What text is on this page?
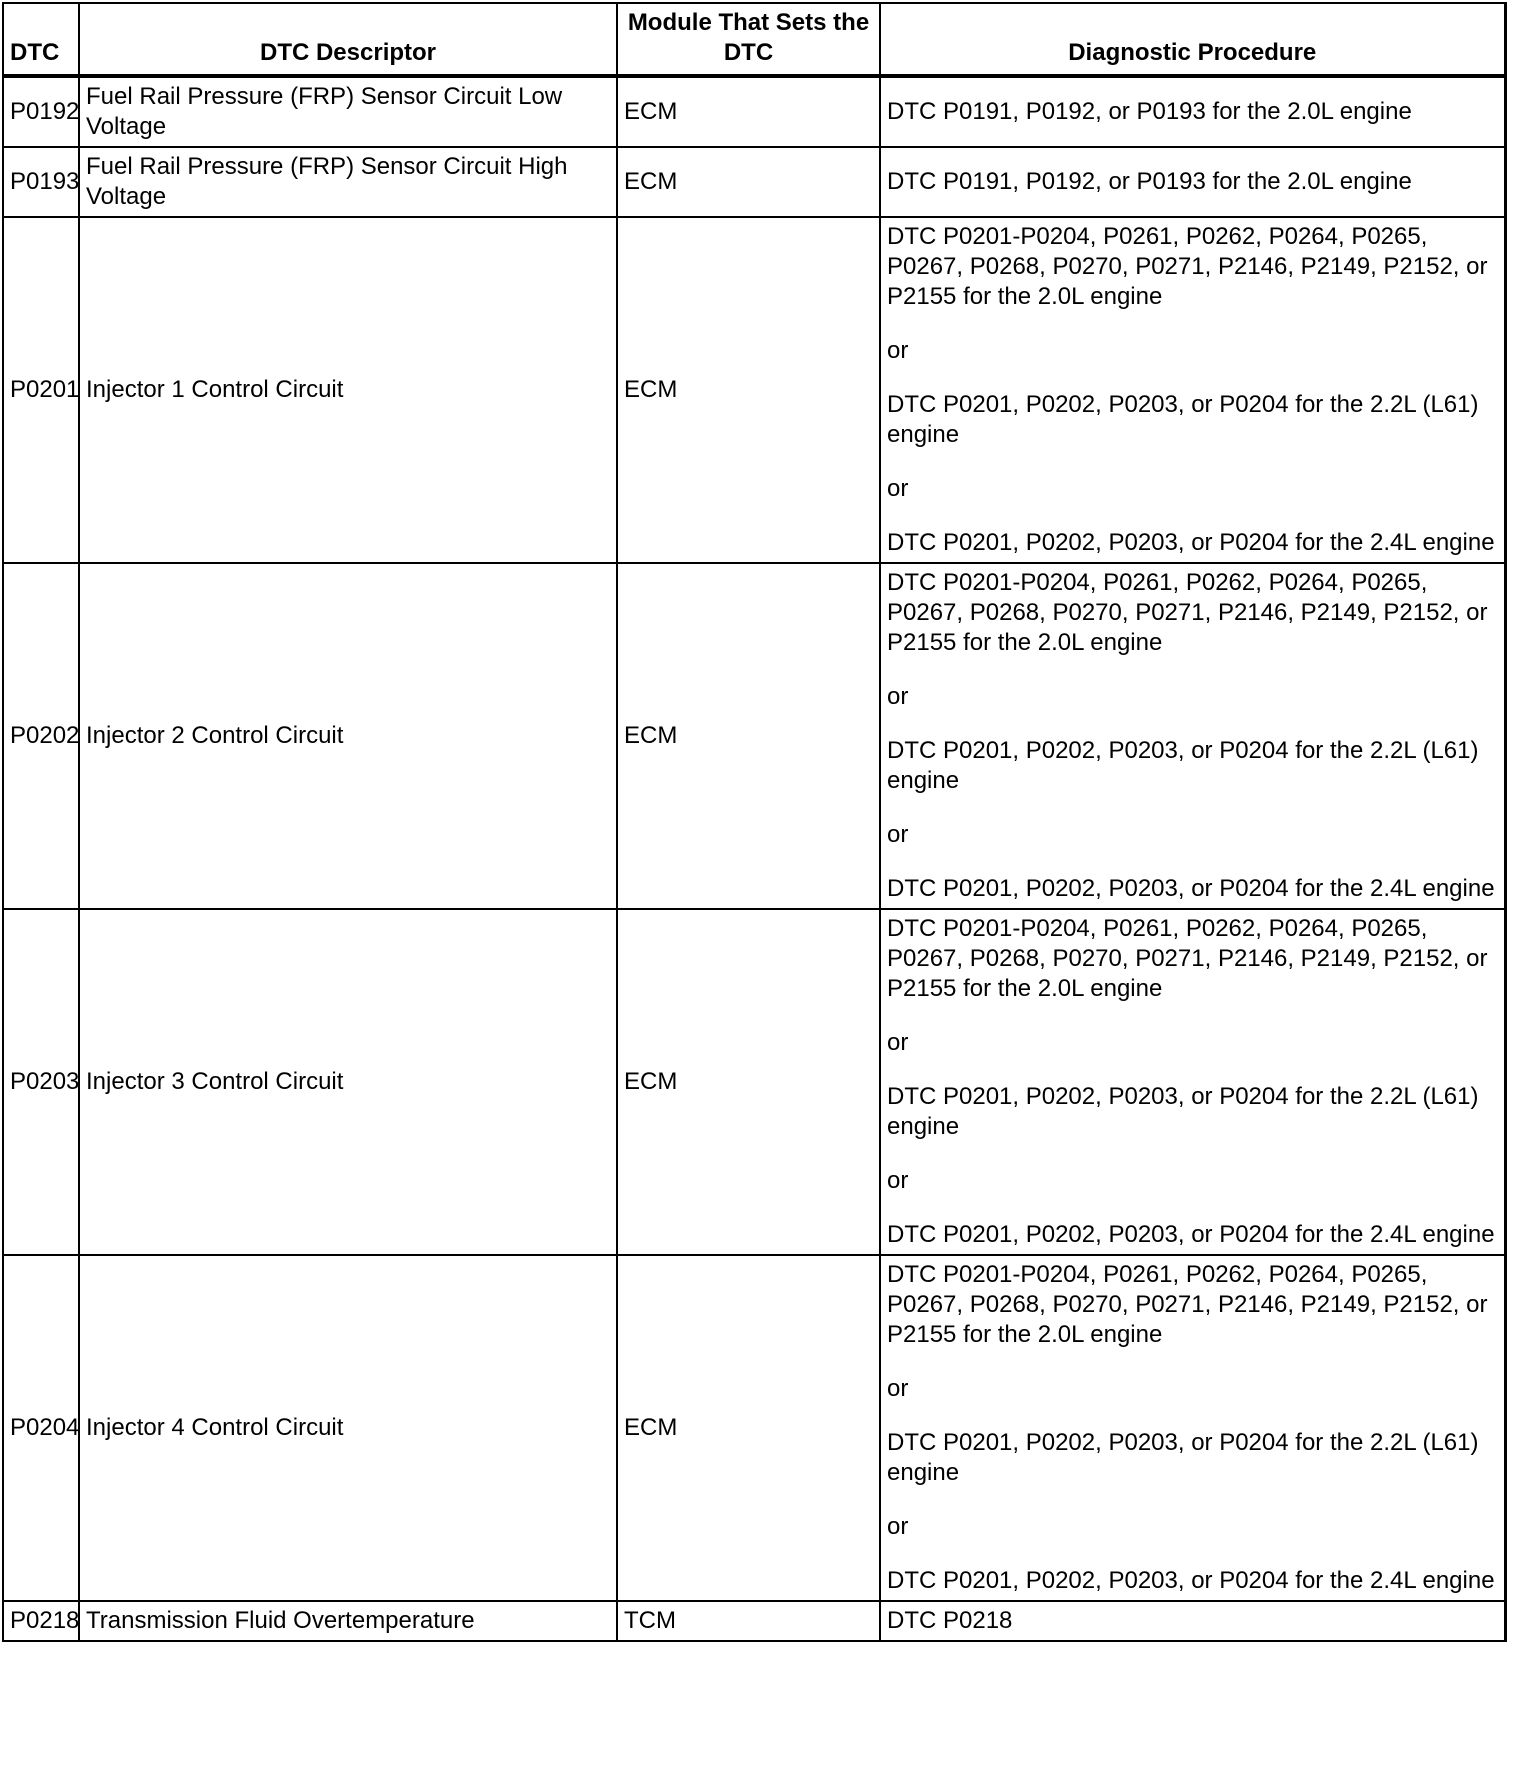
DTC	DTC Descriptor	Module That Sets the DTC	Diagnostic Procedure
P0192	Fuel Rail Pressure (FRP) Sensor Circuit Low Voltage	ECM	DTC P0191, P0192, or P0193 for the 2.0L engine

P0193	Fuel Rail Pressure (FRP) Sensor Circuit High Voltage	ECM	DTC P0191, P0192, or P0193 for the 2.0L engine

P0201	Injector 1 Control Circuit	ECM	DTC P0201-P0204, P0261, P0262, P0264, P0265, P0267, P0268, P0270, P0271, P2146, P2149, P2152, or P2155 for the 2.0L engine
or
DTC P0201, P0202, P0203, or P0204 for the 2.2L (L61) engine
or
DTC P0201, P0202, P0203, or P0204 for the 2.4L engine

P0202	Injector 2 Control Circuit	ECM	DTC P0201-P0204, P0261, P0262, P0264, P0265, P0267, P0268, P0270, P0271, P2146, P2149, P2152, or P2155 for the 2.0L engine
or
DTC P0201, P0202, P0203, or P0204 for the 2.2L (L61) engine
or
DTC P0201, P0202, P0203, or P0204 for the 2.4L engine

P0203	Injector 3 Control Circuit	ECM	DTC P0201-P0204, P0261, P0262, P0264, P0265, P0267, P0268, P0270, P0271, P2146, P2149, P2152, or P2155 for the 2.0L engine
or
DTC P0201, P0202, P0203, or P0204 for the 2.2L (L61) engine
or
DTC P0201, P0202, P0203, or P0204 for the 2.4L engine

P0204	Injector 4 Control Circuit	ECM	DTC P0201-P0204, P0261, P0262, P0264, P0265, P0267, P0268, P0270, P0271, P2146, P2149, P2152, or P2155 for the 2.0L engine
or
DTC P0201, P0202, P0203, or P0204 for the 2.2L (L61) engine
or
DTC P0201, P0202, P0203, or P0204 for the 2.4L engine

P0218	Transmission Fluid Overtemperature	TCM	DTC P0218
